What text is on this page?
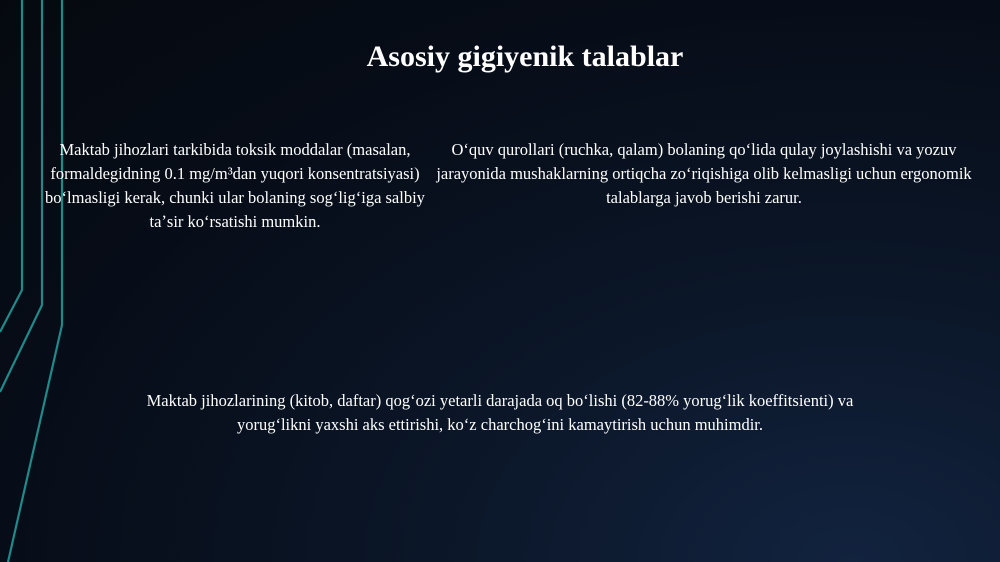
Asosiy gigiyenik talablar

Maktab jihozlari tarkibida toksik moddalar (masalan, formaldegidning 0.1 mg/m³dan yuqori konsentratsiyasi) boʻlmasligi kerak, chunki ular bolaning sogʻligʻiga salbiy taʼsir koʻrsatishi mumkin.

Oʻquv qurollari (ruchka, qalam) bolaning qoʻlida qulay joylashishi va yozuv jarayonida mushaklarning ortiqcha zoʻriqishiga olib kelmasligi uchun ergonomik talablarga javob berishi zarur.

Maktab jihozlarining (kitob, daftar) qogʻozi yetarli darajada oq boʻlishi (82-88% yorugʻlik koeffitsienti) va yorugʻlikni yaxshi aks ettirishi, koʻz charchogʻini kamaytirish uchun muhimdir.
